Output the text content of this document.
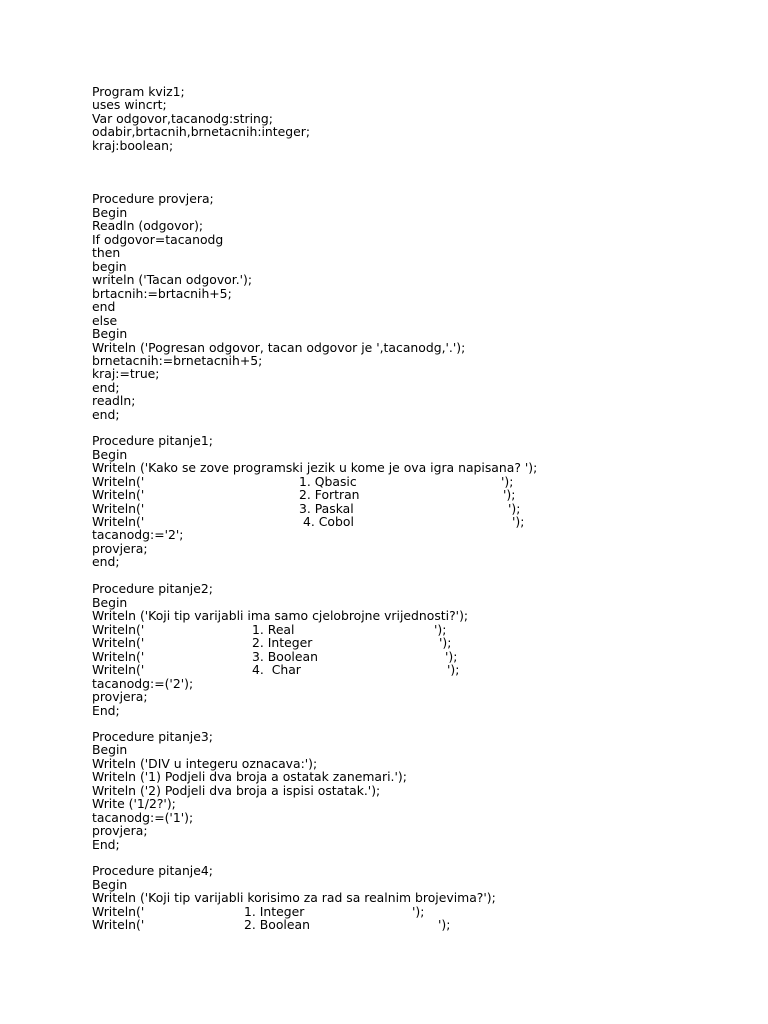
Program kviz1;
uses wincrt;
Var odgovor,tacanodg:string;
odabir,brtacnih,brnetacnih:integer;
kraj:boolean;
Procedure provjera;
Begin
Readln (odgovor);
If odgovor=tacanodg
then
begin
writeln ('Tacan odgovor.');
brtacnih:=brtacnih+5;
end
else
Begin
Writeln ('Pogresan odgovor, tacan odgovor je ',tacanodg,'.');
brnetacnih:=brnetacnih+5;
kraj:=true;
end;
readln;
end;
Procedure pitanje1;
Begin
Writeln ('Kako se zove programski jezik u kome je ova igra napisana? ');
Writeln('	1. Qbasic	');
Writeln('	2. Fortran	');
Writeln('	3. Paskal	');
Writeln('	4. Cobol	');
tacanodg:='2';
provjera;
end;
Procedure pitanje2;
Begin
Writeln ('Koji tip varijabli ima samo cjelobrojne vrijednosti?');
Writeln('	1. Real	');
Writeln('	2. Integer	');
Writeln('	3. Boolean	');
Writeln('	4.  Char	');
tacanodg:=('2');
provjera;
End;
Procedure pitanje3;
Begin
Writeln ('DIV u integeru oznacava:');
Writeln ('1) Podjeli dva broja a ostatak zanemari.');
Writeln ('2) Podjeli dva broja a ispisi ostatak.');
Write ('1/2?');
tacanodg:=('1');
provjera;
End;
Procedure pitanje4;
Begin
Writeln ('Koji tip varijabli korisimo za rad sa realnim brojevima?');
Writeln('	1. Integer	');
Writeln('	2. Boolean	');
